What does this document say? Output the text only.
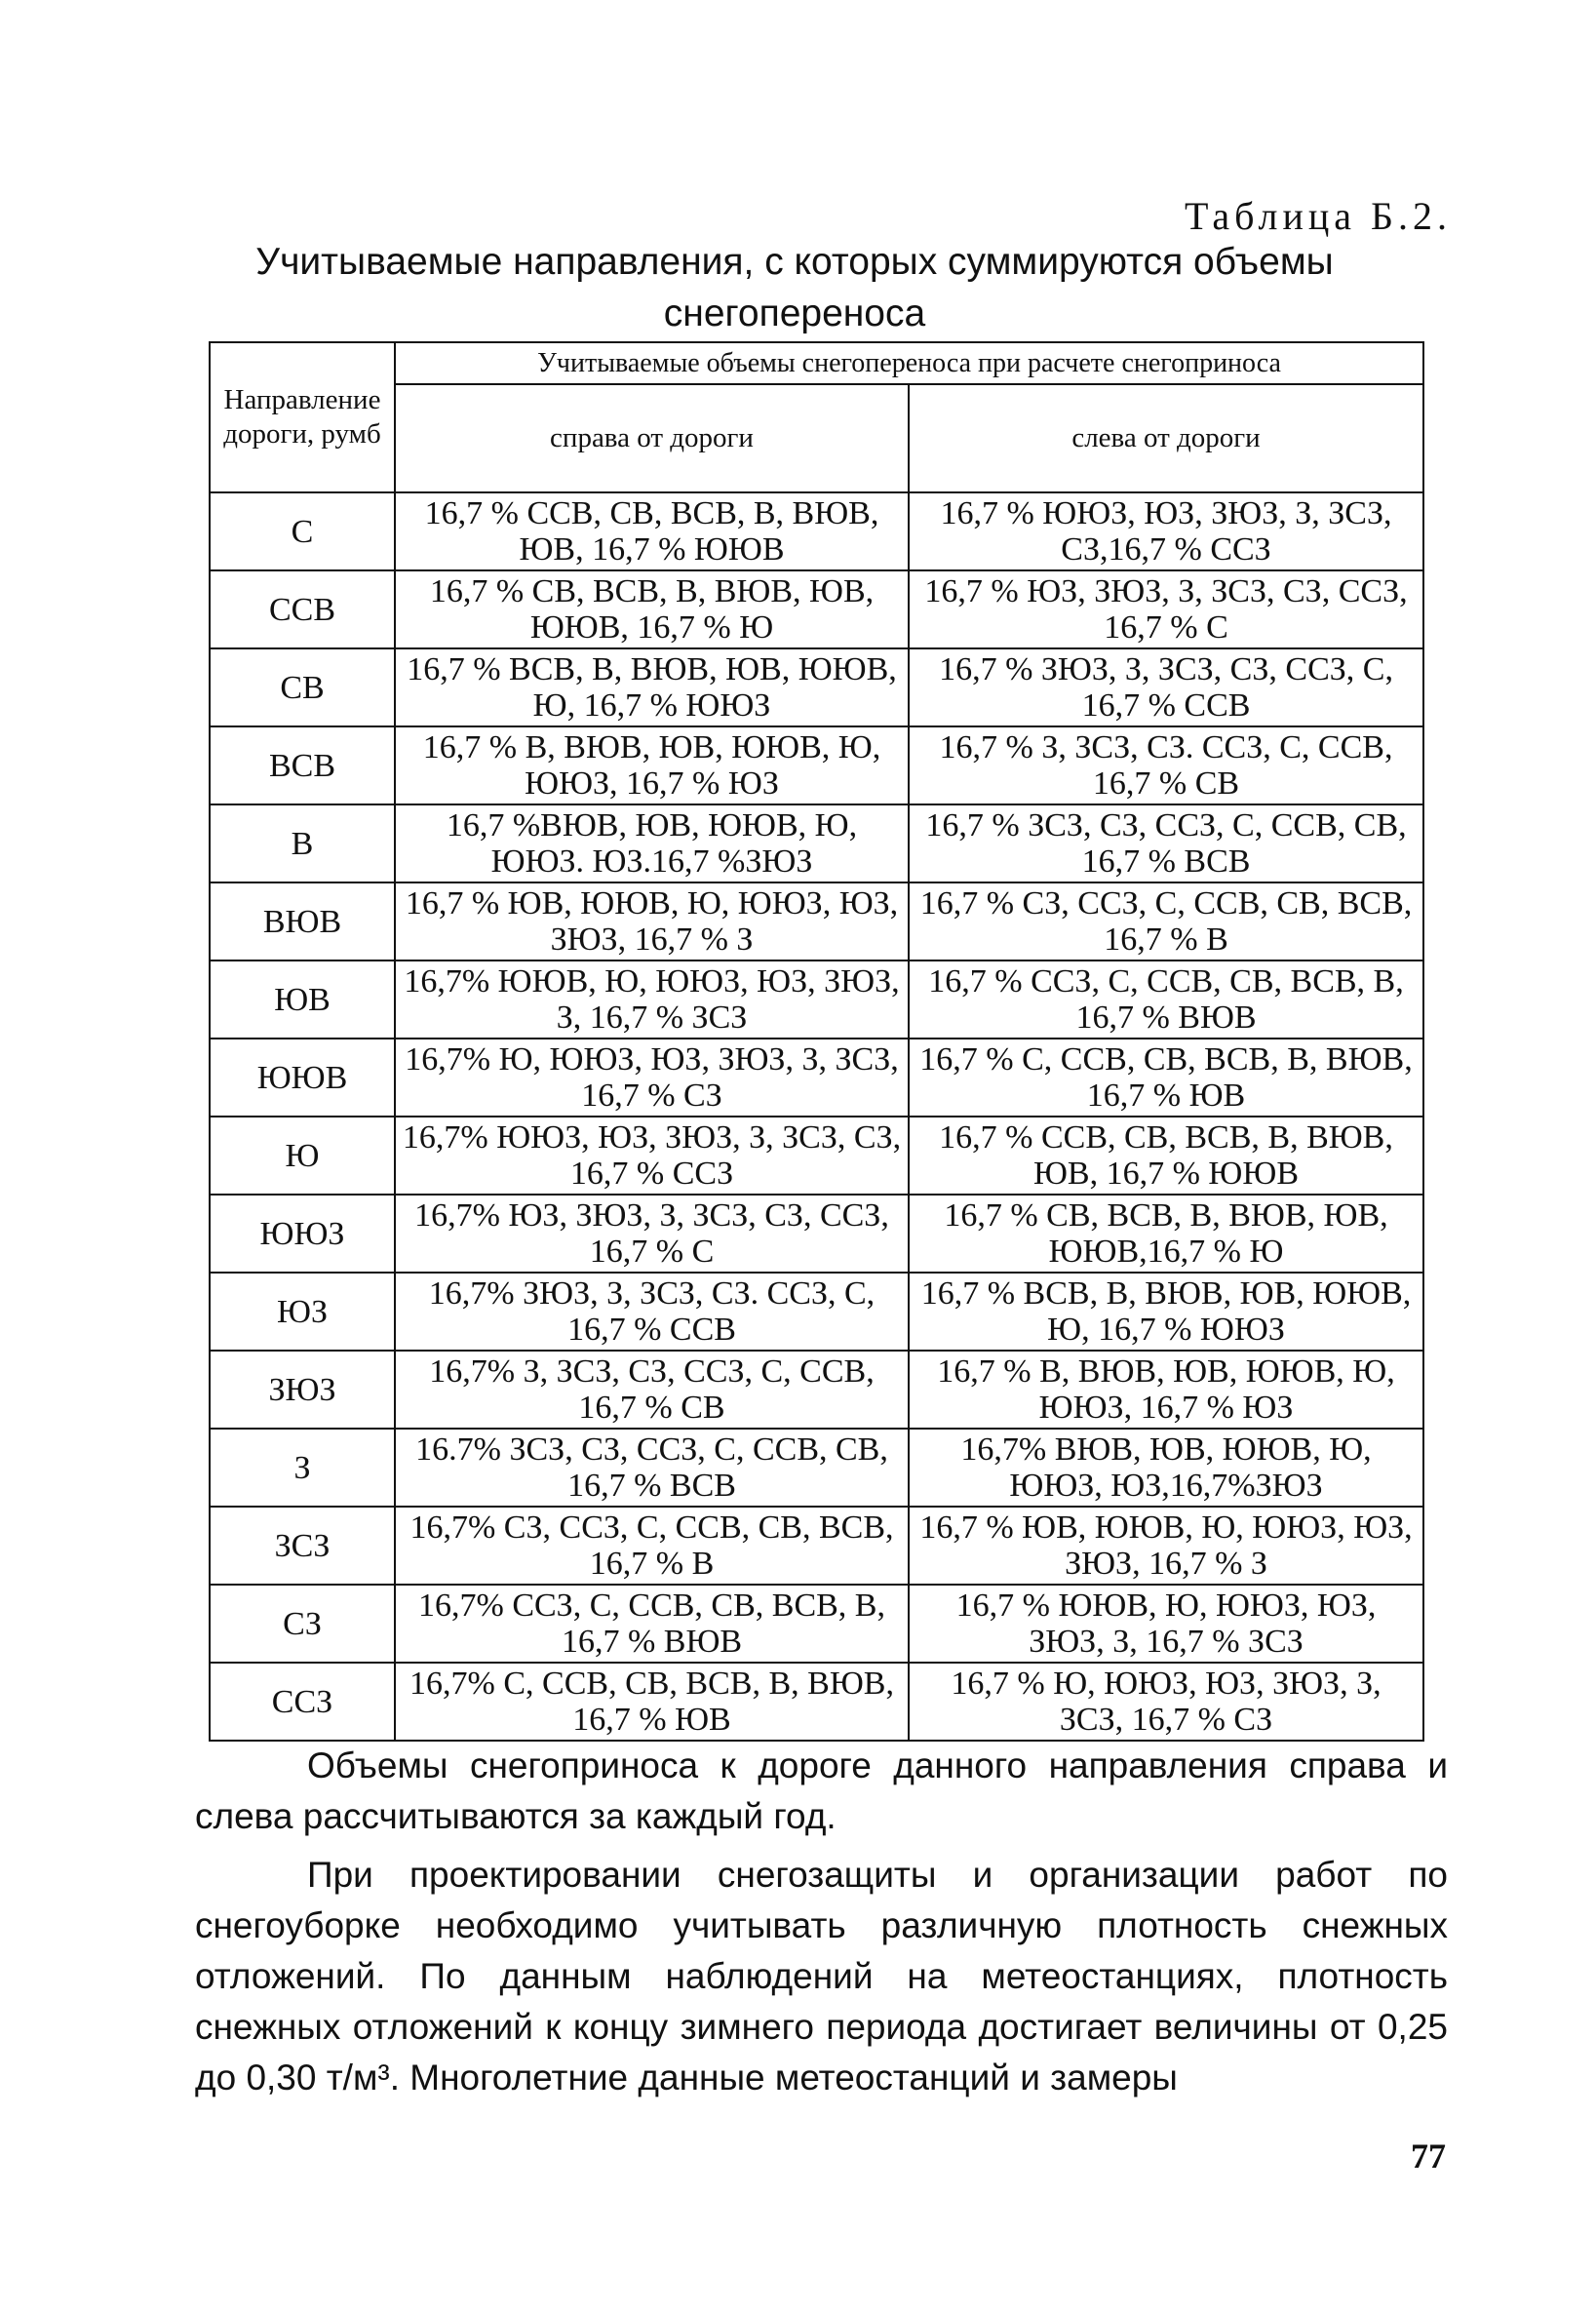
Таблица Б.2.
Учитываемые направления, с которых суммируются объемы снегопереноса
Направление дороги, румб	Учитываемые объемы снегопереноса при расчете снегоприноса	
	справа от дороги	слева от дороги
С	16,7 % ССВ, СВ, ВСВ, В, ВЮВ, ЮВ, 16,7 % ЮЮВ	16,7 % ЮЮЗ, ЮЗ, ЗЮЗ, З, ЗСЗ, СЗ,16,7 % ССЗ
ССВ	16,7 % СВ, ВСВ, В, ВЮВ, ЮВ, ЮЮВ, 16,7 % Ю	16,7 % ЮЗ, ЗЮЗ, З, ЗСЗ, СЗ, ССЗ, 16,7 % С
СВ	16,7 % ВСВ, В, ВЮВ, ЮВ, ЮЮВ, Ю, 16,7 % ЮЮЗ	16,7 % ЗЮЗ, З, ЗСЗ, СЗ, ССЗ, С, 16,7 % ССВ
ВСВ	16,7 % В, ВЮВ, ЮВ, ЮЮВ, Ю, ЮЮЗ, 16,7 % ЮЗ	16,7 % З, ЗСЗ, СЗ. ССЗ, С, ССВ, 16,7 % СВ
В	16,7 %ВЮВ, ЮВ, ЮЮВ, Ю, ЮЮЗ. ЮЗ.16,7 %ЗЮЗ	16,7 % ЗСЗ, СЗ, ССЗ, С, ССВ, СВ, 16,7 % ВСВ
ВЮВ	16,7 % ЮВ, ЮЮВ, Ю, ЮЮЗ, ЮЗ, ЗЮЗ, 16,7 % З	16,7 % СЗ, ССЗ, С, ССВ, СВ, ВСВ, 16,7 % В
ЮВ	16,7% ЮЮВ, Ю, ЮЮЗ, ЮЗ, ЗЮЗ, З, 16,7 % ЗСЗ	16,7 % ССЗ, С, ССВ, СВ, ВСВ, В, 16,7 % ВЮВ
ЮЮВ	16,7% Ю, ЮЮЗ, ЮЗ, ЗЮЗ, З, ЗСЗ, 16,7 % СЗ	16,7 % С, ССВ, СВ, ВСВ, В, ВЮВ, 16,7 % ЮВ
Ю	16,7% ЮЮЗ, ЮЗ, ЗЮЗ, З, ЗСЗ, СЗ, 16,7 % ССЗ	16,7 % ССВ, СВ, ВСВ, В, ВЮВ, ЮВ, 16,7 % ЮЮВ
ЮЮЗ	16,7% ЮЗ, ЗЮЗ, З, ЗСЗ, СЗ, ССЗ, 16,7 % С	16,7 % СВ, ВСВ, В, ВЮВ, ЮВ, ЮЮВ,16,7 % Ю
ЮЗ	16,7% ЗЮЗ, З, ЗСЗ, СЗ. ССЗ, С, 16,7 % ССВ	16,7 % ВСВ, В, ВЮВ, ЮВ, ЮЮВ, Ю, 16,7 % ЮЮЗ
ЗЮЗ	16,7% З, ЗСЗ, СЗ, ССЗ, С, ССВ, 16,7 % СВ	16,7 % В, ВЮВ, ЮВ, ЮЮВ, Ю, ЮЮЗ, 16,7 % ЮЗ
З	16.7% ЗСЗ, СЗ, ССЗ, С, ССВ, СВ, 16,7 % ВСВ	16,7% ВЮВ, ЮВ, ЮЮВ, Ю, ЮЮЗ, ЮЗ,16,7%ЗЮЗ
ЗСЗ	16,7% СЗ, ССЗ, С, ССВ, СВ, ВСВ, 16,7 % В	16,7 % ЮВ, ЮЮВ, Ю, ЮЮЗ, ЮЗ, ЗЮЗ, 16,7 % З
СЗ	16,7% ССЗ, С, ССВ, СВ, ВСВ, В, 16,7 % ВЮВ	16,7 % ЮЮВ, Ю, ЮЮЗ, ЮЗ, ЗЮЗ, З, 16,7 % ЗСЗ
ССЗ	16,7% С, ССВ, СВ, ВСВ, В, ВЮВ, 16,7 % ЮВ	16,7 % Ю, ЮЮЗ, ЮЗ, ЗЮЗ, З, ЗСЗ, 16,7 % СЗ
Объемы снегоприноса к дороге данного направления справа и слева рассчитываются за каждый год.
При проектировании снегозащиты и организации работ по снегоуборке необходимо учитывать различную плотность снежных отложений. По данным наблюдений на метеостанциях, плотность снежных отложений к концу зимнего периода достигает величины от 0,25 до 0,30 т/м³. Многолетние данные метеостанций и замеры
77
